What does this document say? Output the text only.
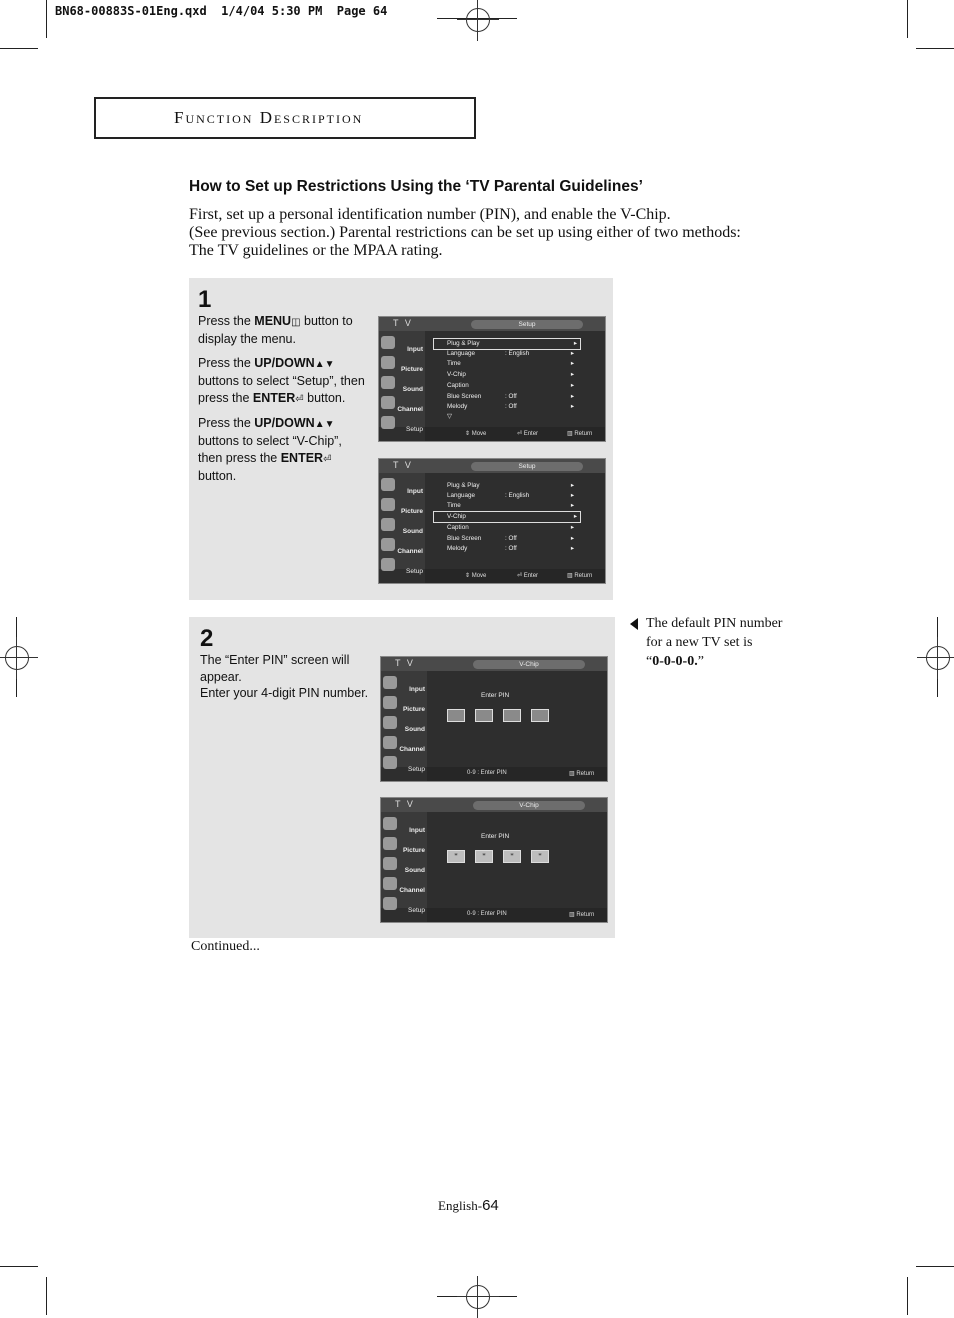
BN68-00883S-01Eng.qxd  1/4/04 5:30 PM  Page 64
Function Description
How to Set up Restrictions Using the ‘TV Parental Guidelines’
First, set up a personal identification number (PIN), and enable the V-Chip.
(See previous section.) Parental restrictions can be set up using either of two methods:
The TV guidelines or the MPAA rating.
1

Press the MENU◫ button to display the menu.

Press the UP/DOWN▲▼ buttons to select “Setup”, then press the ENTER⏎ button.

Press the UP/DOWN▲▼ buttons to select “V-Chip”, then press the ENTER⏎ button.

T V	Setup
Input
Picture
Sound
Channel
Setup
Plug & Play	▸
Language	: English	▸
Time	▸
V-Chip	▸
Caption	▸
Blue Screen	: Off	▸
Melody	: Off	▸
▽
⇕ Move	⏎ Enter	▥ Return
T V	Setup
Input
Picture
Sound
Channel
Setup
Plug & Play	▸
Language	: English	▸
Time	▸
V-Chip	▸
Caption	▸
Blue Screen	: Off	▸
Melody	: Off	▸
⇕ Move	⏎ Enter	▥ Return
2
The “Enter PIN” screen will appear.
Enter your 4-digit PIN number.
T V	V-Chip
Input
Picture
Sound
Channel
Setup
Enter PIN
0-9 : Enter PIN	▥ Return
T V	V-Chip
Input
Picture
Sound
Channel
Setup
Enter PIN
*	*	*	*
0-9 : Enter PIN	▥ Return
The default PIN number
for a new TV set is
“0-0-0-0.”
Continued...
English-64
